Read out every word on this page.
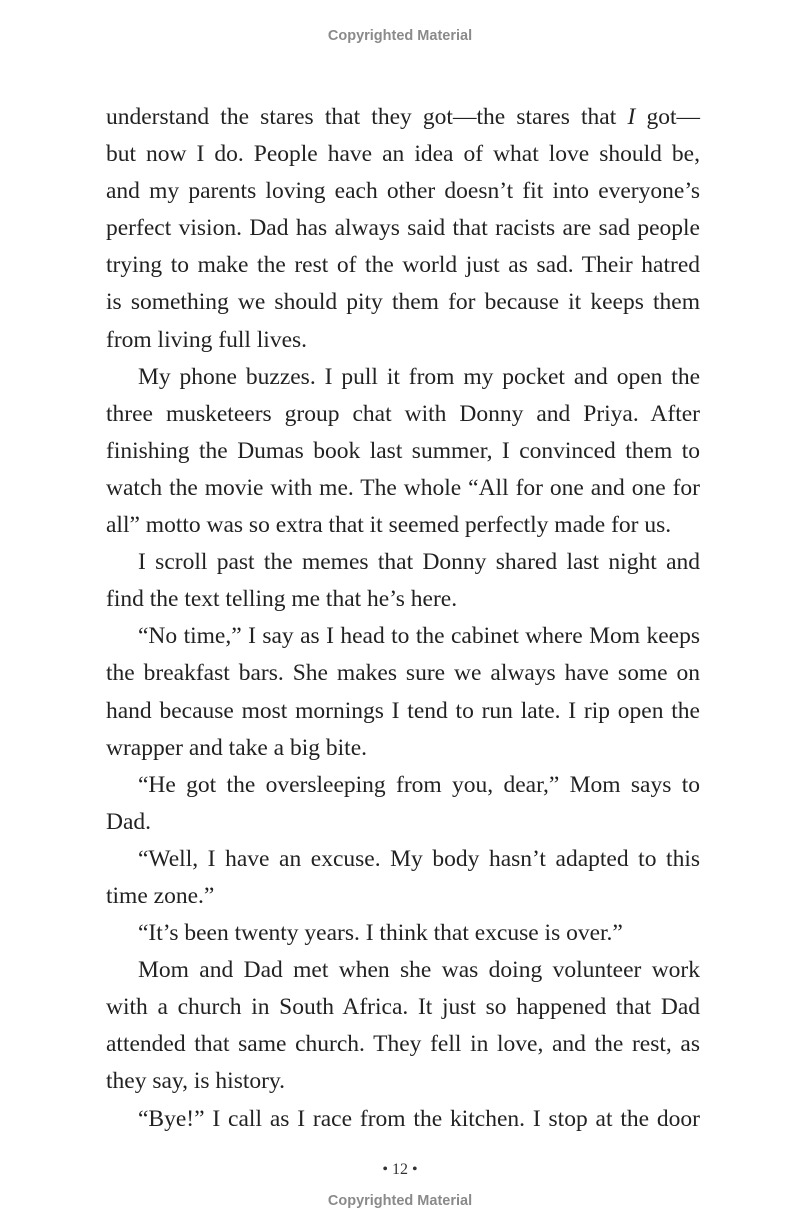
Copyrighted Material
understand the stares that they got—the stares that I got—
but now I do. People have an idea of what love should be,
and my parents loving each other doesn’t fit into everyone’s
perfect vision. Dad has always said that racists are sad people
trying to make the rest of the world just as sad. Their hatred
is something we should pity them for because it keeps them
from living full lives.
My phone buzzes. I pull it from my pocket and open the
three musketeers group chat with Donny and Priya. After
finishing the Dumas book last summer, I convinced them to
watch the movie with me. The whole “All for one and one for
all” motto was so extra that it seemed perfectly made for us.
I scroll past the memes that Donny shared last night and
find the text telling me that he’s here.
“No time,” I say as I head to the cabinet where Mom keeps
the breakfast bars. She makes sure we always have some on
hand because most mornings I tend to run late. I rip open the
wrapper and take a big bite.
“He got the oversleeping from you, dear,” Mom says to
Dad.
“Well, I have an excuse. My body hasn’t adapted to this
time zone.”
“It’s been twenty years. I think that excuse is over.”
Mom and Dad met when she was doing volunteer work
with a church in South Africa. It just so happened that Dad
attended that same church. They fell in love, and the rest, as
they say, is history.
“Bye!” I call as I race from the kitchen. I stop at the door
• 12 •
Copyrighted Material
